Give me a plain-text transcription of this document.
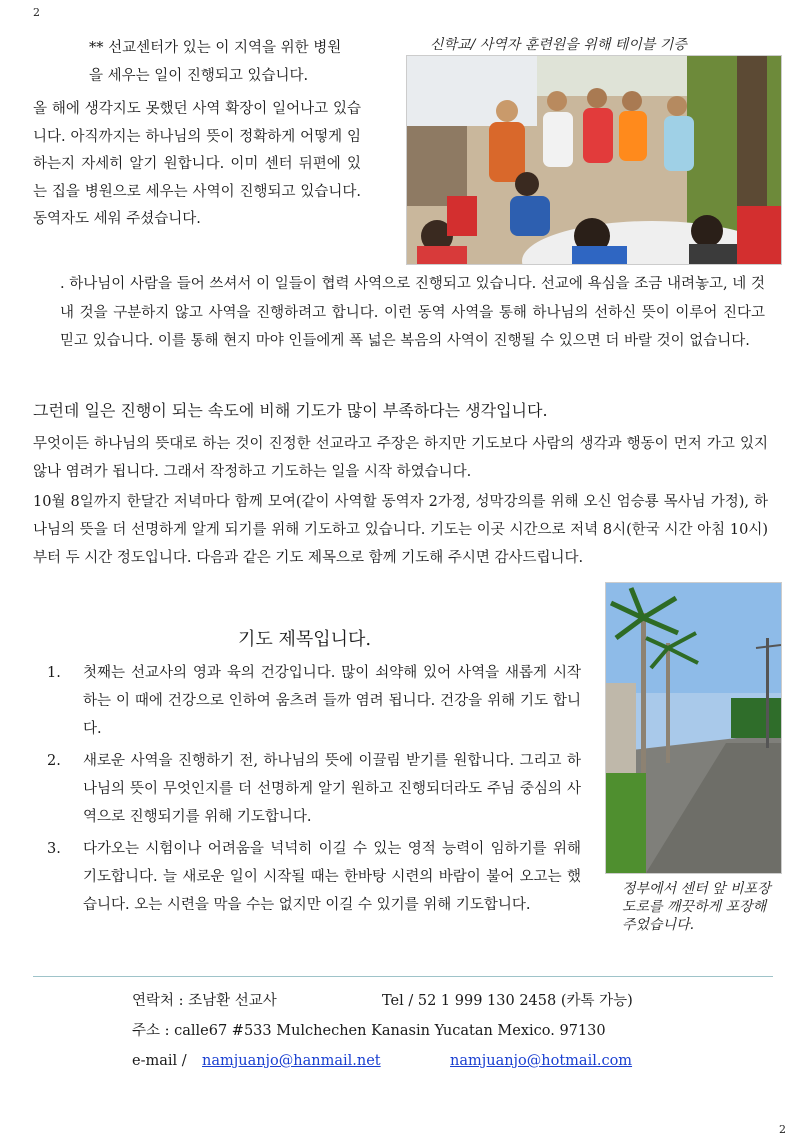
2
** 선교센터가 있는 이 지역을 위한 병원
을 세우는 일이 진행되고 있습니다.

올 해에 생각지도 못했던 사역 확장이 일어나고 있습니다. 아직까지는 하나님의 뜻이 정확하게 어떻게 임하는지 자세히 알기 원합니다. 이미 센터 뒤편에 있는 집을 병원으로 세우는 사역이 진행되고 있습니다. 동역자도 세워 주셨습니다.

신학교/ 사역자 훈련원을 위해 테이블 기증

. 하나님이 사람을 들어 쓰셔서 이 일들이 협력 사역으로 진행되고 있습니다. 선교에 욕심을 조금 내려놓고, 네 것 내 것을 구분하지 않고 사역을 진행하려고 합니다. 이런 동역 사역을 통해 하나님의 선하신 뜻이 이루어 진다고 믿고 있습니다. 이를 통해 현지 마야 인들에게 폭 넓은 복음의 사역이 진행될 수 있으면 더 바랄 것이 없습니다.

그런데 일은 진행이 되는 속도에 비해 기도가 많이 부족하다는 생각입니다.

무엇이든 하나님의 뜻대로 하는 것이 진정한 선교라고 주장은 하지만 기도보다 사람의 생각과 행동이 먼저 가고 있지 않나 염려가 됩니다. 그래서 작정하고 기도하는 일을 시작 하였습니다.

10월 8일까지 한달간 저녁마다 함께 모여(같이 사역할 동역자 2가정, 성막강의를 위해 오신 엄승룡 목사님 가정), 하나님의 뜻을 더 선명하게 알게 되기를 위해 기도하고 있습니다. 기도는 이곳 시간으로 저녁 8시(한국 시간 아침 10시)부터 두 시간 정도입니다. 다음과 같은 기도 제목으로 함께 기도해 주시면 감사드립니다.

정부에서 센터 앞 비포장 도로를 깨끗하게 포장해 주었습니다.
기도 제목입니다.
1. 첫째는 선교사의 영과 육의 건강입니다. 많이 쇠약해 있어 사역을 새롭게 시작하는 이 때에 건강으로 인하여 움츠려 들까 염려 됩니다. 건강을 위해 기도 합니다.
2. 새로운 사역을 진행하기 전, 하나님의 뜻에 이끌림 받기를 원합니다. 그리고 하나님의 뜻이 무엇인지를 더 선명하게 알기 원하고 진행되더라도 주님 중심의 사역으로 진행되기를 위해 기도합니다.
3. 다가오는 시험이나 어려움을 넉넉히 이길 수 있는 영적 능력이 임하기를 위해 기도합니다. 늘 새로운 일이 시작될 때는 한바탕 시련의 바람이 불어 오고는 했습니다. 오는 시련을 막을 수는 없지만 이길 수 있기를 위해 기도합니다.
연락처 : 조남환 선교사	Tel / 52 1 999 130 2458 (카톡 가능)
주소 : calle67 #533 Mulchechen Kanasin Yucatan Mexico. 97130
e-mail / namjuanjo@hanmail.net	namjuanjo@hotmail.com
2
